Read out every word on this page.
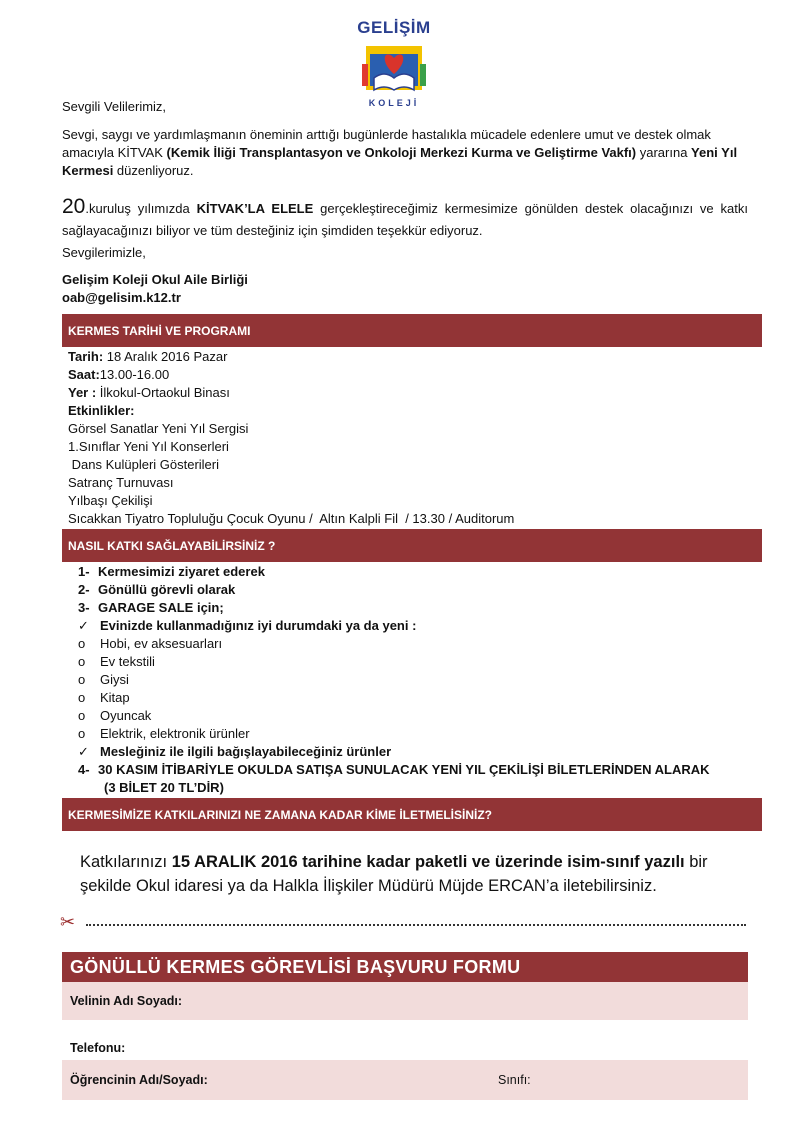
GELİŞİM
KOLEJİ

Sevgili Velilerimiz,

Sevgi, saygı ve yardımlaşmanın öneminin arttığı bugünlerde hastalıkla mücadele edenlere umut ve destek olmak amacıyla KİTVAK (Kemik İliği Transplantasyon ve Onkoloji Merkezi Kurma ve Geliştirme Vakfı) yararına Yeni Yıl Kermesi düzenliyoruz.

20.kuruluş yılımızda KİTVAK’LA ELELE gerçekleştireceğimiz kermesimize gönülden destek olacağınızı ve katkı sağlayacağınızı biliyor ve tüm desteğiniz için şimdiden teşekkür ediyoruz.

Sevgilerimizle,

Gelişim Koleji Okul Aile Birliği

oab@gelisim.k12.tr

KERMES TARİHİ VE PROGRAMI
Tarih: 18 Aralık 2016 Pazar
Saat:13.00-16.00
Yer : İlkokul-Ortaokul Binası
Etkinlikler:
Görsel Sanatlar Yeni Yıl Sergisi
1.Sınıflar Yeni Yıl Konserleri
Dans Kulüpleri Gösterileri
Satranç Turnuvası
Yılbaşı Çekilişi
Sıcakkan Tiyatro Topluluğu Çocuk Oyunu /  Altın Kalpli Fil  / 13.30 / Auditorum
NASIL KATKI SAĞLAYABİLİRSİNİZ ?
1- Kermesimizi ziyaret ederek
2- Gönüllü görevli olarak
3- GARAGE SALE için;
✓ Evinizde kullanmadığınız iyi durumdaki ya da yeni :
o Hobi, ev aksesuarları
o Ev tekstili
o Giysi
o Kitap
o Oyuncak
o Elektrik, elektronik ürünler
✓ Mesleğiniz ile ilgili bağışlayabileceğiniz ürünler
4- 30 KASIM İTİBARİYLE OKULDA SATIŞA SUNULACAK YENİ YIL ÇEKİLİŞİ BİLETLERİNDEN ALARAK
(3 BİLET 20 TL’DİR)
KERMESİMİZE KATKILARINIZI NE ZAMANA KADAR KİME İLETMELİSİNİZ?

Katkılarınızı 15 ARALIK 2016 tarihine kadar paketli ve üzerinde isim-sınıf yazılı bir şekilde Okul idaresi ya da Halkla İlişkiler Müdürü Müjde ERCAN’a iletebilirsiniz.

✂
GÖNÜLLÜ KERMES GÖREVLİSİ BAŞVURU FORMU
Velinin Adı Soyadı:
Telefonu:
Öğrencinin Adı/Soyadı:	Sınıfı:
